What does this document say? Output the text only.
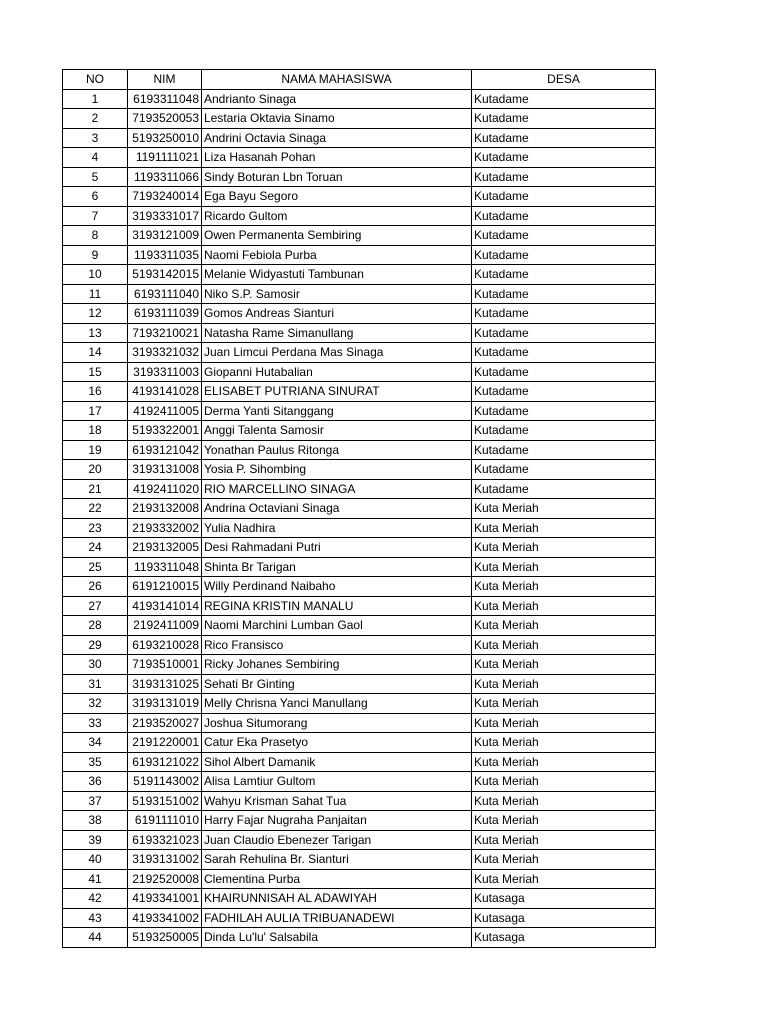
NO	NIM	NAMA MAHASISWA	DESA
1	6193311048	Andrianto Sinaga	Kutadame
2	7193520053	Lestaria Oktavia Sinamo	Kutadame
3	5193250010	Andrini Octavia Sinaga	Kutadame
4	1191111021	Liza Hasanah Pohan	Kutadame
5	1193311066	Sindy Boturan Lbn Toruan	Kutadame
6	7193240014	Ega Bayu Segoro	Kutadame
7	3193331017	Ricardo Gultom	Kutadame
8	3193121009	Owen Permanenta Sembiring	Kutadame
9	1193311035	Naomi Febiola Purba	Kutadame
10	5193142015	Melanie Widyastuti Tambunan	Kutadame
11	6193111040	Niko S.P. Samosir	Kutadame
12	6193111039	Gomos Andreas Sianturi	Kutadame
13	7193210021	Natasha Rame Simanullang	Kutadame
14	3193321032	Juan Limcui Perdana Mas Sinaga	Kutadame
15	3193311003	Giopanni Hutabalian	Kutadame
16	4193141028	ELISABET PUTRIANA SINURAT	Kutadame
17	4192411005	Derma Yanti Sitanggang	Kutadame
18	5193322001	Anggi Talenta Samosir	Kutadame
19	6193121042	Yonathan Paulus Ritonga	Kutadame
20	3193131008	Yosia P. Sihombing	Kutadame
21	4192411020	RIO MARCELLINO SINAGA	Kutadame
22	2193132008	Andrina Octaviani Sinaga	Kuta Meriah
23	2193332002	Yulia Nadhira	Kuta Meriah
24	2193132005	Desi Rahmadani Putri	Kuta Meriah
25	1193311048	Shinta Br Tarigan	Kuta Meriah
26	6191210015	Willy Perdinand Naibaho	Kuta Meriah
27	4193141014	REGINA KRISTIN MANALU	Kuta Meriah
28	2192411009	Naomi Marchini Lumban Gaol	Kuta Meriah
29	6193210028	Rico Fransisco	Kuta Meriah
30	7193510001	Ricky Johanes Sembiring	Kuta Meriah
31	3193131025	Sehati Br Ginting	Kuta Meriah
32	3193131019	Melly Chrisna Yanci Manullang	Kuta Meriah
33	2193520027	Joshua Situmorang	Kuta Meriah
34	2191220001	Catur Eka Prasetyo	Kuta Meriah
35	6193121022	Sihol Albert Damanik	Kuta Meriah
36	5191143002	Alisa Lamtiur Gultom	Kuta Meriah
37	5193151002	Wahyu Krisman Sahat Tua	Kuta Meriah
38	6191111010	Harry Fajar Nugraha Panjaitan	Kuta Meriah
39	6193321023	Juan Claudio Ebenezer Tarigan	Kuta Meriah
40	3193131002	Sarah Rehulina Br. Sianturi	Kuta Meriah
41	2192520008	Clementina Purba	Kuta Meriah
42	4193341001	KHAIRUNNISAH AL ADAWIYAH	Kutasaga
43	4193341002	FADHILAH AULIA TRIBUANADEWI	Kutasaga
44	5193250005	Dinda Lu'lu' Salsabila	Kutasaga
